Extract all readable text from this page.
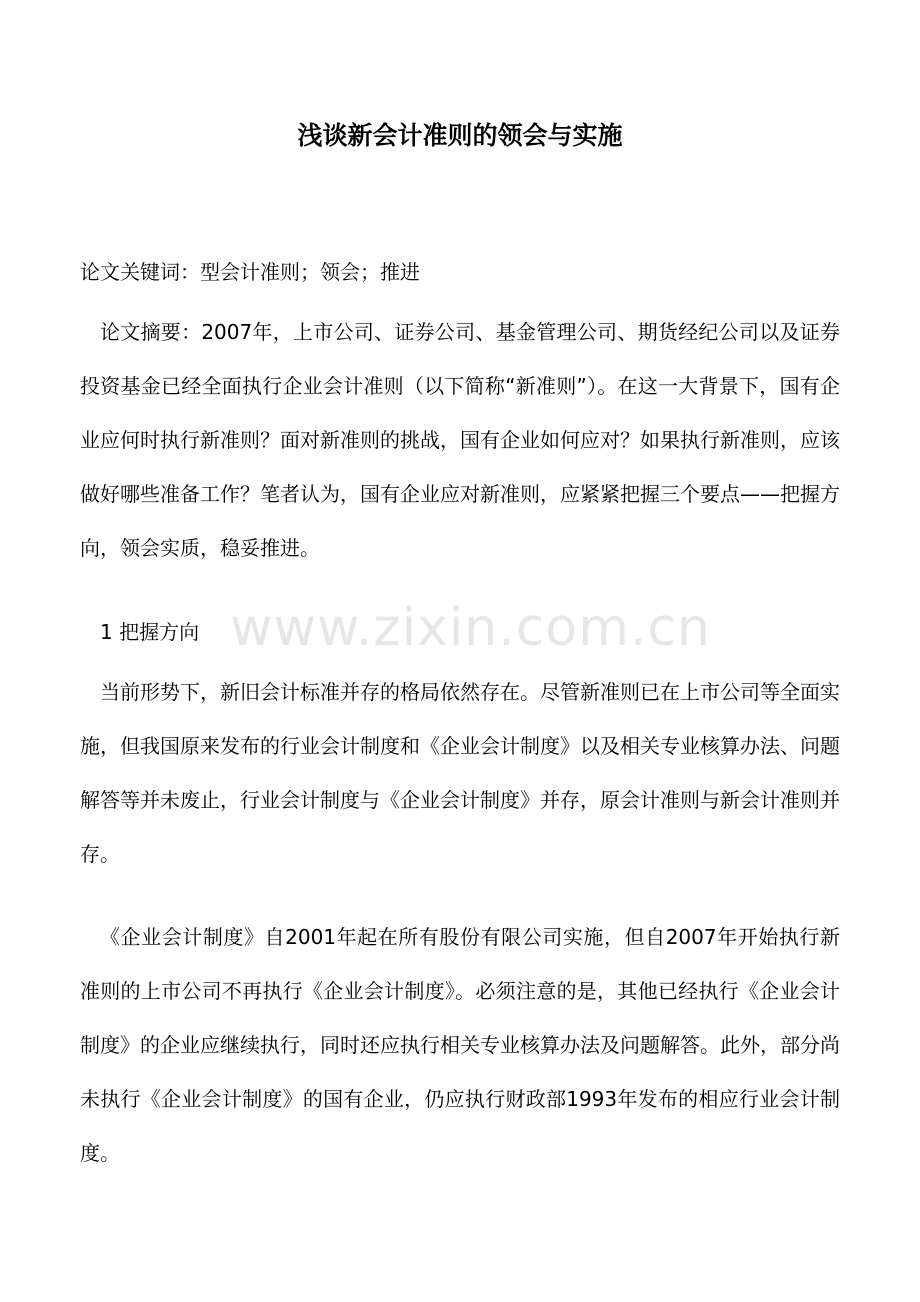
www.zixin.com.cn
浅谈新会计准则的领会与实施

论文关键词：型会计准则；领会；推进

论文摘要：2007年，上市公司、证券公司、基金管理公司、期货经纪公司以及证券投资基金已经全面执行企业会计准则（以下简称“新准则”）。在这一大背景下，国有企业应何时执行新准则？面对新准则的挑战，国有企业如何应对？如果执行新准则，应该做好哪些准备工作？笔者认为，国有企业应对新准则，应紧紧把握三个要点——把握方向，领会实质，稳妥推进。

1 把握方向

当前形势下，新旧会计标准并存的格局依然存在。尽管新准则已在上市公司等全面实施，但我国原来发布的行业会计制度和《企业会计制度》以及相关专业核算办法、问题解答等并未废止，行业会计制度与《企业会计制度》并存，原会计准则与新会计准则并存。

《企业会计制度》自2001年起在所有股份有限公司实施，但自2007年开始执行新准则的上市公司不再执行《企业会计制度》。必须注意的是，其他已经执行《企业会计制度》的企业应继续执行，同时还应执行相关专业核算办法及问题解答。此外，部分尚未执行《企业会计制度》的国有企业，仍应执行财政部1993年发布的相应行业会计制度。
